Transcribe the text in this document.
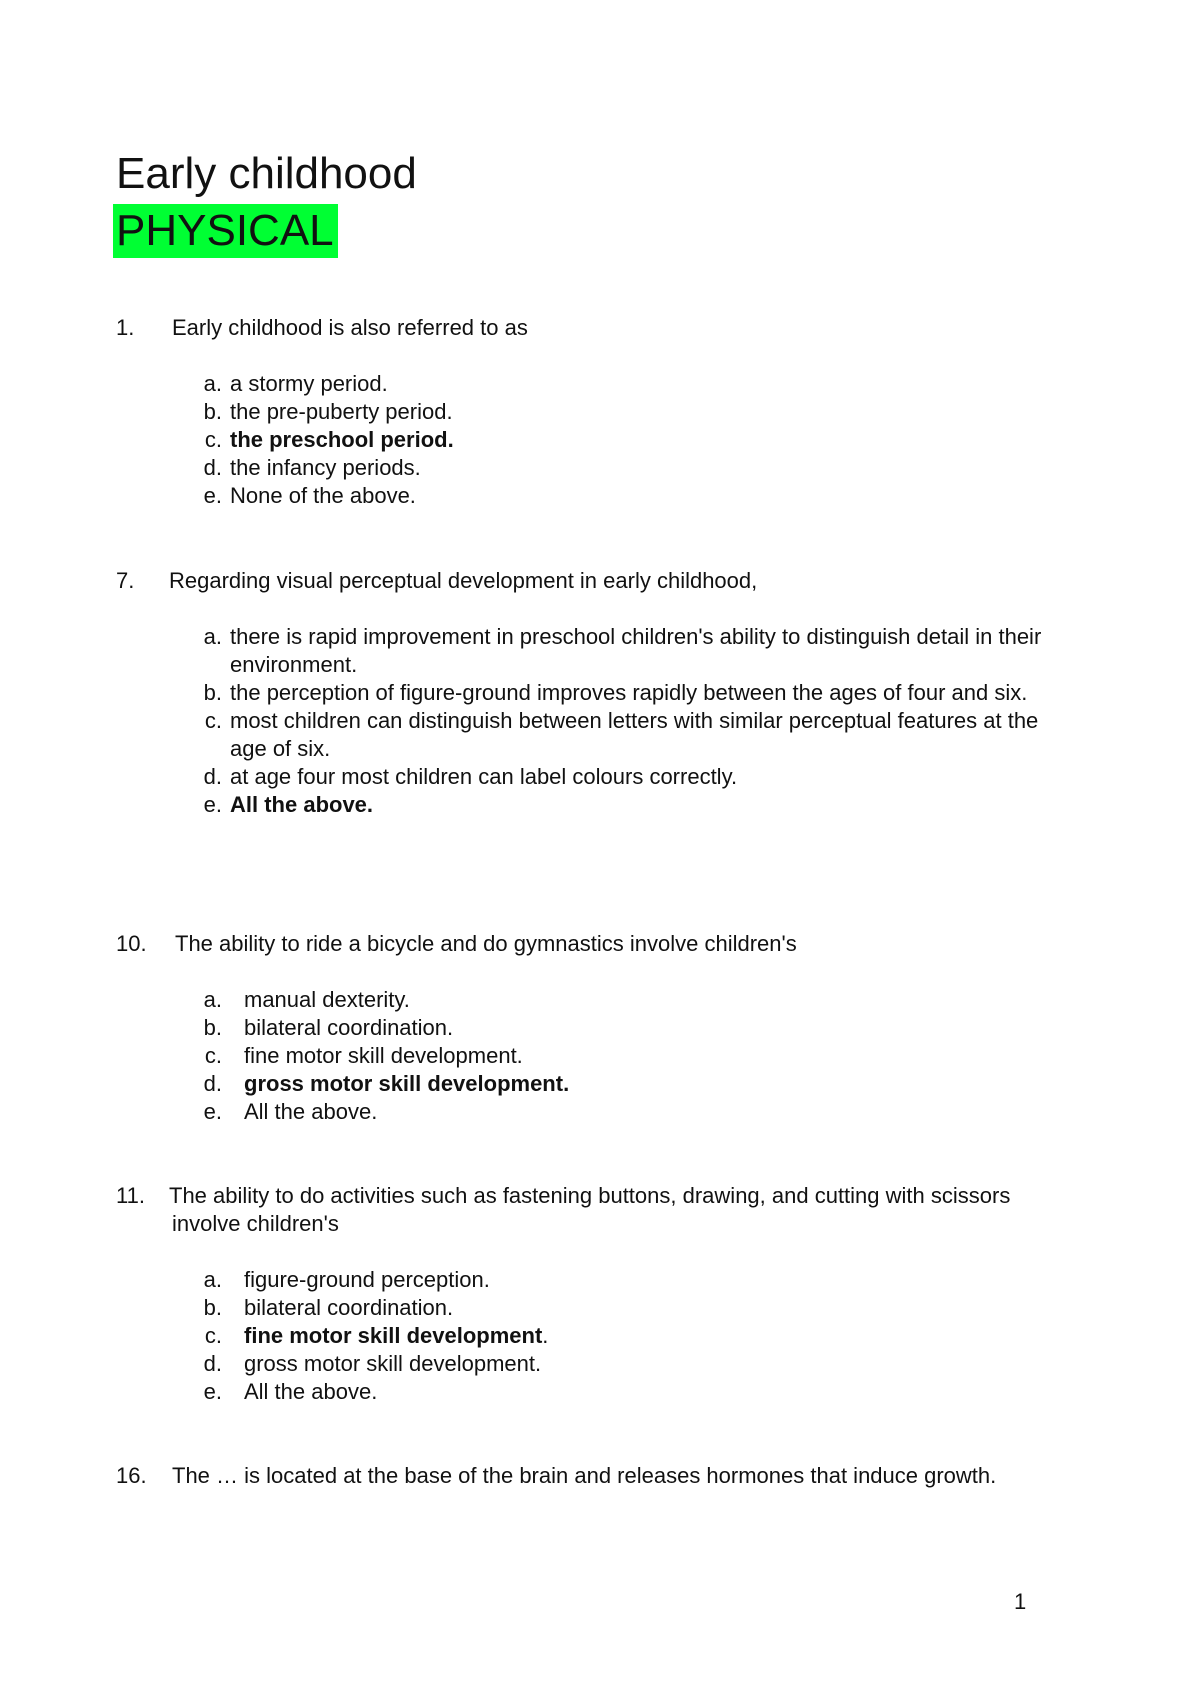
Early childhood
PHYSICAL

1. Early childhood is also referred to as

a. a stormy period.
b. the pre-puberty period.
c. the preschool period.
d. the infancy periods.
e. None of the above.

7. Regarding visual perceptual development in early childhood,

a. there is rapid improvement in preschool children's ability to distinguish detail in their environment.
b. the perception of figure-ground improves rapidly between the ages of four and six.
c. most children can distinguish between letters with similar perceptual features at the age of six.
d. at age four most children can label colours correctly.
e. All the above.

10. The ability to ride a bicycle and do gymnastics involve children's

a. manual dexterity.
b. bilateral coordination.
c. fine motor skill development.
d. gross motor skill development.
e. All the above.

11. The ability to do activities such as fastening buttons, drawing, and cutting with scissors involve children's

a. figure-ground perception.
b. bilateral coordination.
c. fine motor skill development.
d. gross motor skill development.
e. All the above.

16. The … is located at the base of the brain and releases hormones that induce growth.

1
